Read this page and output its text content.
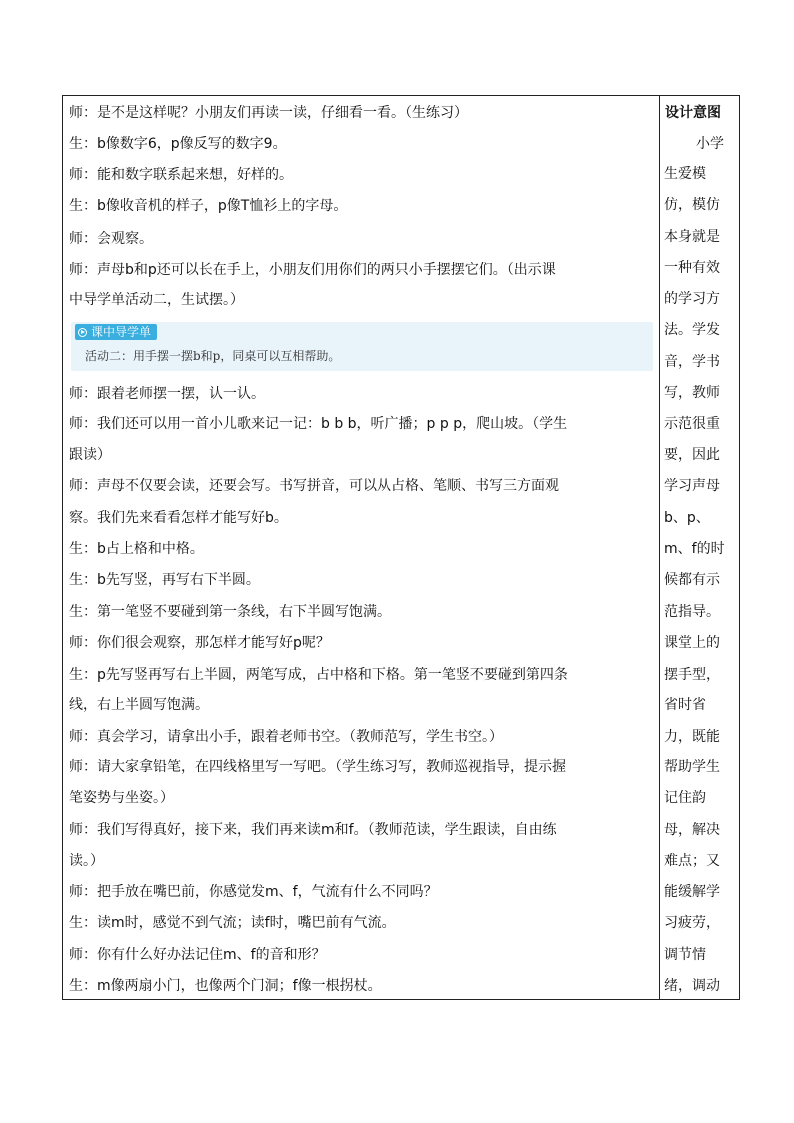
师：是不是这样呢？小朋友们再读一读，仔细看一看。（生练习）
生：b像数字6，p像反写的数字9。
师：能和数字联系起来想，好样的。
生：b像收音机的样子，p像T恤衫上的字母。
师：会观察。
师：声母b和p还可以长在手上，小朋友们用你们的两只小手摆摆它们。（出示课
中导学单活动二，生试摆。）
课中导学单
活动二：用手摆一摆b和p，同桌可以互相帮助。
师：跟着老师摆一摆，认一认。
师：我们还可以用一首小儿歌来记一记：b b b，听广播；p p p，爬山坡。（学生
跟读）
师：声母不仅要会读，还要会写。书写拼音，可以从占格、笔顺、书写三方面观
察。我们先来看看怎样才能写好b。
生：b占上格和中格。
生：b先写竖，再写右下半圆。
生：第一笔竖不要碰到第一条线，右下半圆写饱满。
师：你们很会观察，那怎样才能写好p呢？
生：p先写竖再写右上半圆，两笔写成，占中格和下格。第一笔竖不要碰到第四条
线，右上半圆写饱满。
师：真会学习，请拿出小手，跟着老师书空。（教师范写，学生书空。）
师：请大家拿铅笔，在四线格里写一写吧。（学生练习写，教师巡视指导，提示握
笔姿势与坐姿。）
师：我们写得真好，接下来，我们再来读m和f。（教师范读，学生跟读，自由练
读。）
师：把手放在嘴巴前，你感觉发m、f，气流有什么不同吗？
生：读m时，感觉不到气流；读f时，嘴巴前有气流。
师：你有什么好办法记住m、f的音和形？
生：m像两扇小门，也像两个门洞；f像一根拐杖。
设计意图
小学
生爱模
仿，模仿
本身就是
一种有效
的学习方
法。学发
音，学书
写，教师
示范很重
要，因此
学习声母
b、p、
m、f的时
候都有示
范指导。
课堂上的
摆手型，
省时省
力，既能
帮助学生
记住韵
母，解决
难点；又
能缓解学
习疲劳，
调节情
绪，调动
